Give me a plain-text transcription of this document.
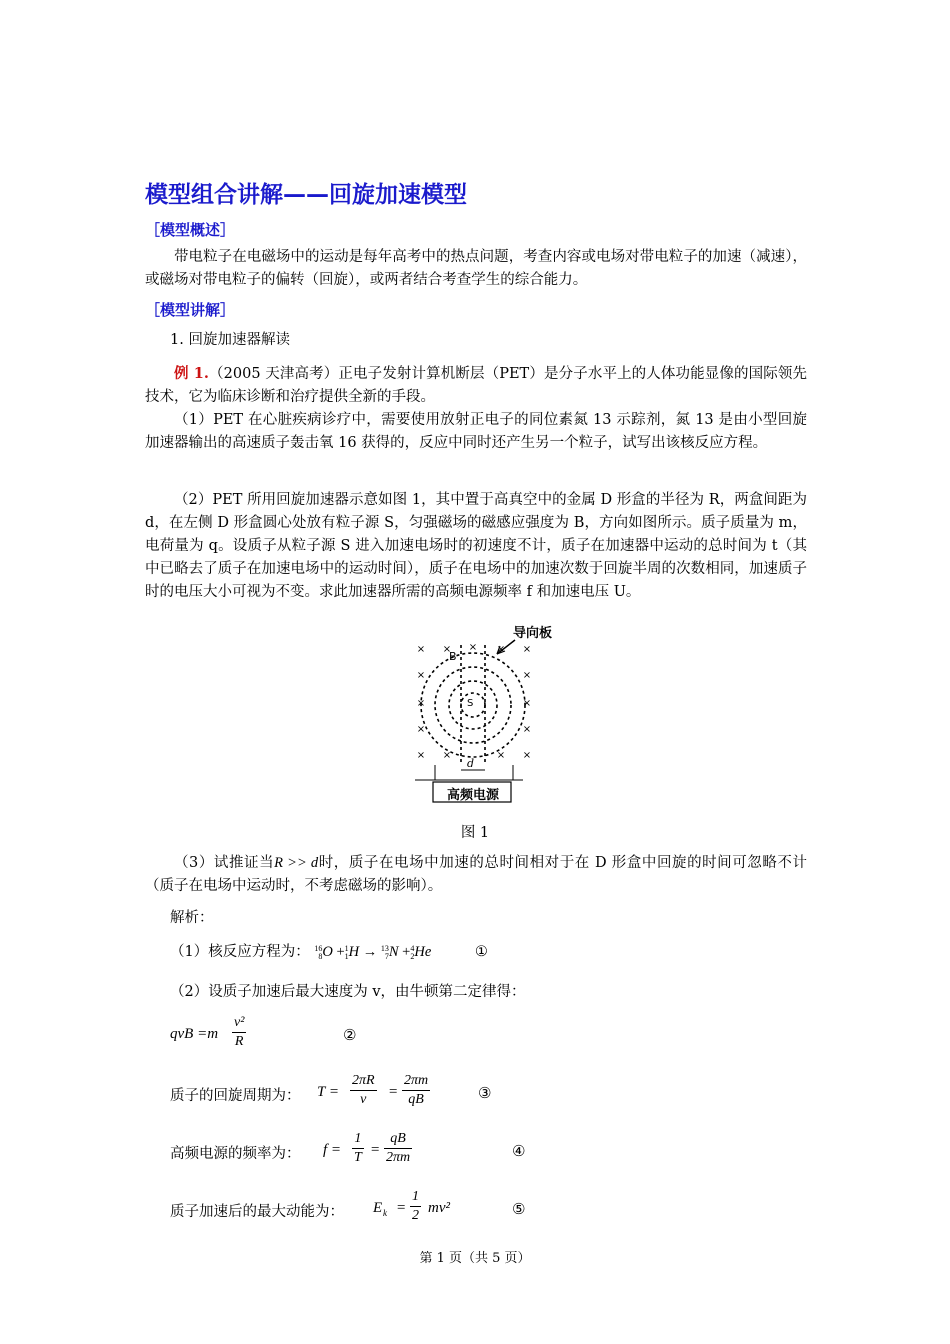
模型组合讲解——回旋加速模型
［模型概述］

带电粒子在电磁场中的运动是每年高考中的热点问题，考查内容或电场对带电粒子的加速（减速），或磁场对带电粒子的偏转（回旋），或两者结合考查学生的综合能力。

［模型讲解］
1. 回旋加速器解读

例 1.（2005 天津高考）正电子发射计算机断层（PET）是分子水平上的人体功能显像的国际领先技术，它为临床诊断和治疗提供全新的手段。

（1）PET 在心脏疾病诊疗中，需要使用放射正电子的同位素氮 13 示踪剂，氮 13 是由小型回旋加速器输出的高速质子轰击氧 16 获得的，反应中同时还产生另一个粒子，试写出该核反应方程。

（2）PET 所用回旋加速器示意如图 1，其中置于高真空中的金属 D 形盒的半径为 R，两盒间距为 d，在左侧 D 形盒圆心处放有粒子源 S，匀强磁场的磁感应强度为 B，方向如图所示。质子质量为 m，电荷量为 q。设质子从粒子源 S 进入加速电场时的初速度不计，质子在加速器中运动的总时间为 t（其中已略去了质子在加速电场中的运动时间），质子在电场中的加速次数于回旋半周的次数相同，加速质子时的电压大小可视为不变。求此加速器所需的高频电源频率 f 和加速电压 U。

× × × × ×
×	×
×	×
×	×
× ×	× ×
导向板
B
S
d
高频电源
图 1

（3）试推证当R >> d时，质子在电场中加速的总时间相对于在 D 形盒中回旋的时间可忽略不计（质子在电场中运动时，不考虑磁场的影响）。

解析：
（1）核反应方程为： 16
8 O + 1
1 H → 13
7 N + 4
2 He	①
（2）设质子加速后最大速度为 v，由牛顿第二定律得：
qvB $=m \frac{\text{v²}}{R}$	②
质子的回旋周期为： $T = \frac{2\pi R}{v} = \frac{2\pi m}{qB}$	③
高频电源的频率为： $f = \frac{1}{T} = \frac{qB}{2\pi m}$	④
质子加速后的最大动能为： E $k = \frac{1}{2} mv^2$	⑤
第 1 页（共 5 页）
